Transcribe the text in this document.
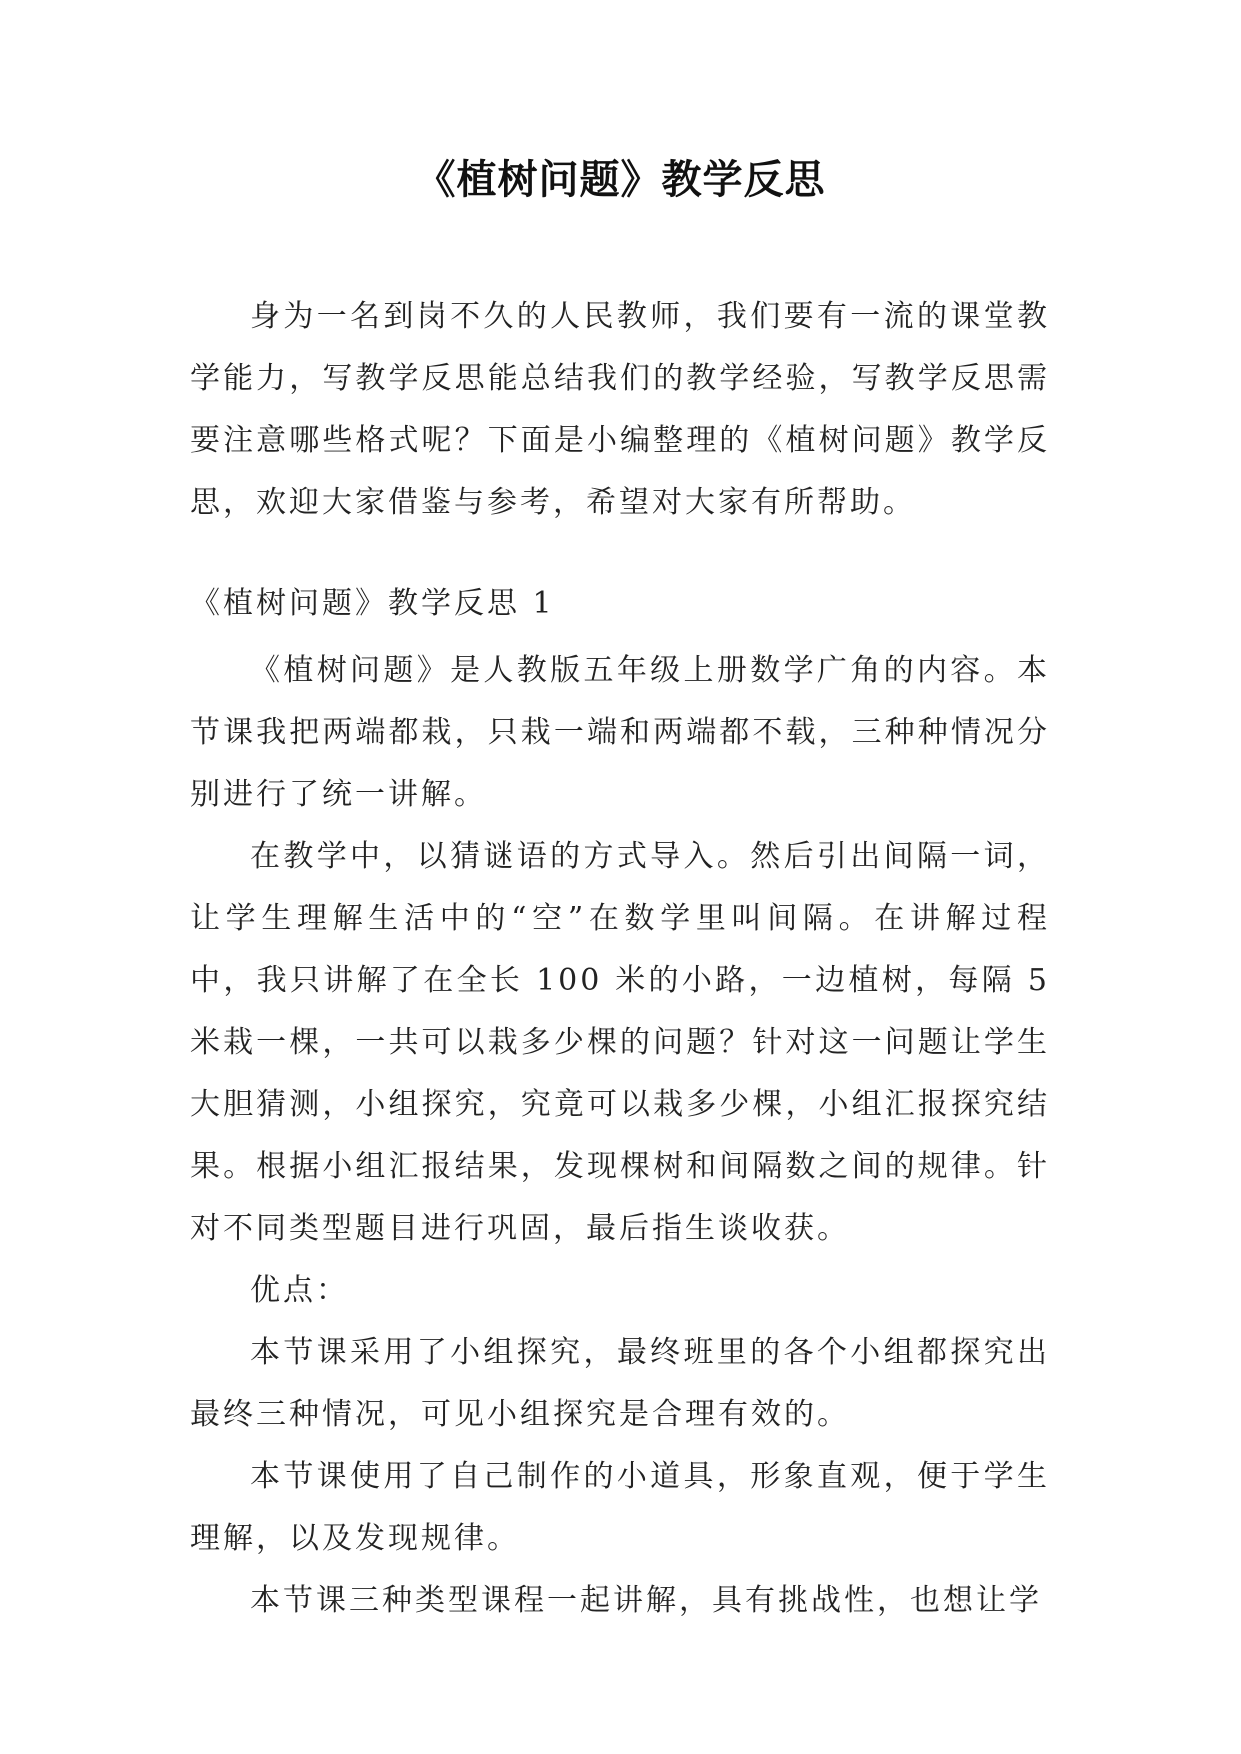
《植树问题》教学反思

身为一名到岗不久的人民教师，我们要有一流的课堂教学能力，写教学反思能总结我们的教学经验，写教学反思需要注意哪些格式呢？下面是小编整理的《植树问题》教学反思，欢迎大家借鉴与参考，希望对大家有所帮助。

《植树问题》教学反思 1

《植树问题》是人教版五年级上册数学广角的内容。本节课我把两端都栽，只栽一端和两端都不载，三种种情况分别进行了统一讲解。

在教学中，以猜谜语的方式导入。然后引出间隔一词，让学生理解生活中的“空”在数学里叫间隔。在讲解过程中，我只讲解了在全长 100 米的小路，一边植树，每隔 5 米栽一棵，一共可以栽多少棵的问题？针对这一问题让学生大胆猜测，小组探究，究竟可以栽多少棵，小组汇报探究结果。根据小组汇报结果，发现棵树和间隔数之间的规律。针对不同类型题目进行巩固，最后指生谈收获。

优点：

本节课采用了小组探究，最终班里的各个小组都探究出最终三种情况，可见小组探究是合理有效的。

本节课使用了自己制作的小道具，形象直观，便于学生理解，以及发现规律。

本节课三种类型课程一起讲解，具有挑战性，也想让学
